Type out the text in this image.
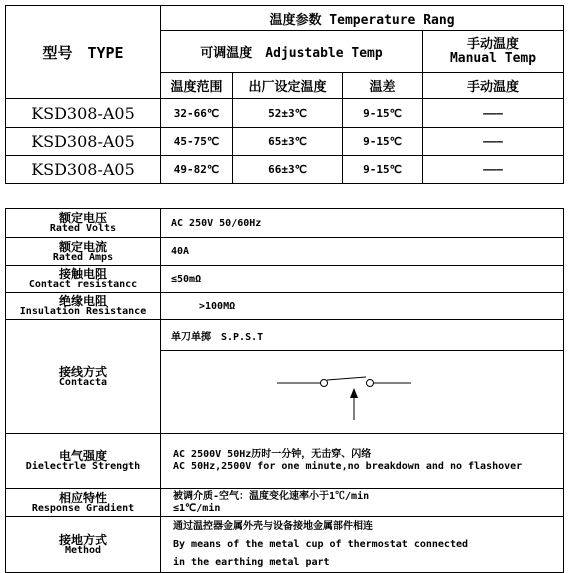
型号　TYPE	温度参数 Temperature Rang			
	可调温度　Adjustable Temp			手动温度
Manual Temp

	温度范围	出厂设定温度	温差	手动温度
KSD308-A05	32-66℃	52±3℃	9-15℃	———
KSD308-A05	45-75℃	65±3℃	9-15℃	———
KSD308-A05	49-82℃	66±3℃	9-15℃	———
额定电压
Rated Volts	AC 250V 50/60Hz
额定电流
Rated Amps	40A
接触电阻
Contact resistancc	≤50mΩ
绝缘电阻
Insulation Resistance	>100MΩ
接线方式
Contacta	单刀单掷　S.P.S.T

电气强度
Dielectrle Strength	AC 2500V 50Hz历时一分钟，无击穿、闪络
AC 50Hz,2500V for one minute,no breakdown and no flashover

相应特性
Response Gradient	被调介质-空气：温度变化速率小于1℃/min
≤1℃/min

接地方式
Method	通过温控器金属外壳与设备接地金属部件相连
By means of the metal cup of thermostat connected
in the earthing metal part
